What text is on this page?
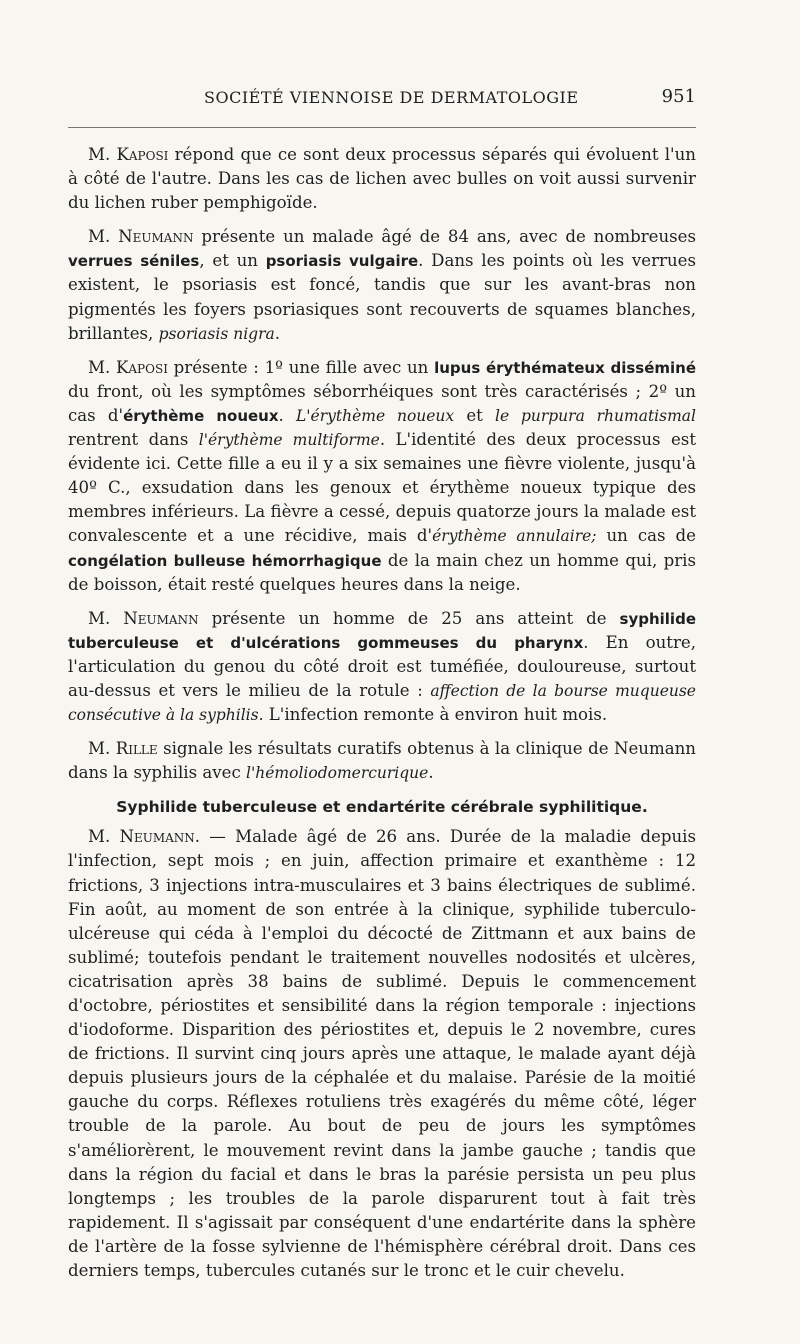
SOCIÉTÉ VIENNOISE DE DERMATOLOGIE	951

M. Kaposi répond que ce sont deux processus séparés qui évoluent l'un à côté de l'autre. Dans les cas de lichen avec bulles on voit aussi survenir du lichen ruber pemphigoïde.

M. Neumann présente un malade âgé de 84 ans, avec de nombreuses verrues séniles, et un psoriasis vulgaire. Dans les points où les verrues existent, le psoriasis est foncé, tandis que sur les avant-bras non pigmentés les foyers psoriasiques sont recouverts de squames blanches, brillantes, psoriasis nigra.

M. Kaposi présente : 1º une fille avec un lupus érythémateux disséminé du front, où les symptômes séborrhéiques sont très caractérisés ; 2º un cas d'érythème noueux. L'érythème noueux et le purpura rhumatismal rentrent dans l'érythème multiforme. L'identité des deux processus est évidente ici. Cette fille a eu il y a six semaines une fièvre violente, jusqu'à 40º C., exsudation dans les genoux et érythème noueux typique des membres inférieurs. La fièvre a cessé, depuis quatorze jours la malade est convalescente et a une récidive, mais d'érythème annulaire; un cas de congélation bulleuse hémorrhagique de la main chez un homme qui, pris de boisson, était resté quelques heures dans la neige.

M. Neumann présente un homme de 25 ans atteint de syphilide tuberculeuse et d'ulcérations gommeuses du pharynx. En outre, l'articulation du genou du côté droit est tuméfiée, douloureuse, surtout au-dessus et vers le milieu de la rotule : affection de la bourse muqueuse consécutive à la syphilis. L'infection remonte à environ huit mois.

M. Rille signale les résultats curatifs obtenus à la clinique de Neumann dans la syphilis avec l'hémoliodomercurique.

Syphilide tuberculeuse et endartérite cérébrale syphilitique.

M. Neumann. — Malade âgé de 26 ans. Durée de la maladie depuis l'infection, sept mois ; en juin, affection primaire et exanthème : 12 frictions, 3 injections intra-musculaires et 3 bains électriques de sublimé. Fin août, au moment de son entrée à la clinique, syphilide tuberculo-ulcéreuse qui céda à l'emploi du décocté de Zittmann et aux bains de sublimé; toutefois pendant le traitement nouvelles nodosités et ulcères, cicatrisation après 38 bains de sublimé. Depuis le commencement d'octobre, périostites et sensibilité dans la région temporale : injections d'iodoforme. Disparition des périostites et, depuis le 2 novembre, cures de frictions. Il survint cinq jours après une attaque, le malade ayant déjà depuis plusieurs jours de la céphalée et du malaise. Parésie de la moitié gauche du corps. Réflexes rotuliens très exagérés du même côté, léger trouble de la parole. Au bout de peu de jours les symptômes s'améliorèrent, le mouvement revint dans la jambe gauche ; tandis que dans la région du facial et dans le bras la parésie persista un peu plus longtemps ; les troubles de la parole disparurent tout à fait très rapidement. Il s'agissait par conséquent d'une endartérite dans la sphère de l'artère de la fosse sylvienne de l'hémisphère cérébral droit. Dans ces derniers temps, tubercules cutanés sur le tronc et le cuir chevelu.
